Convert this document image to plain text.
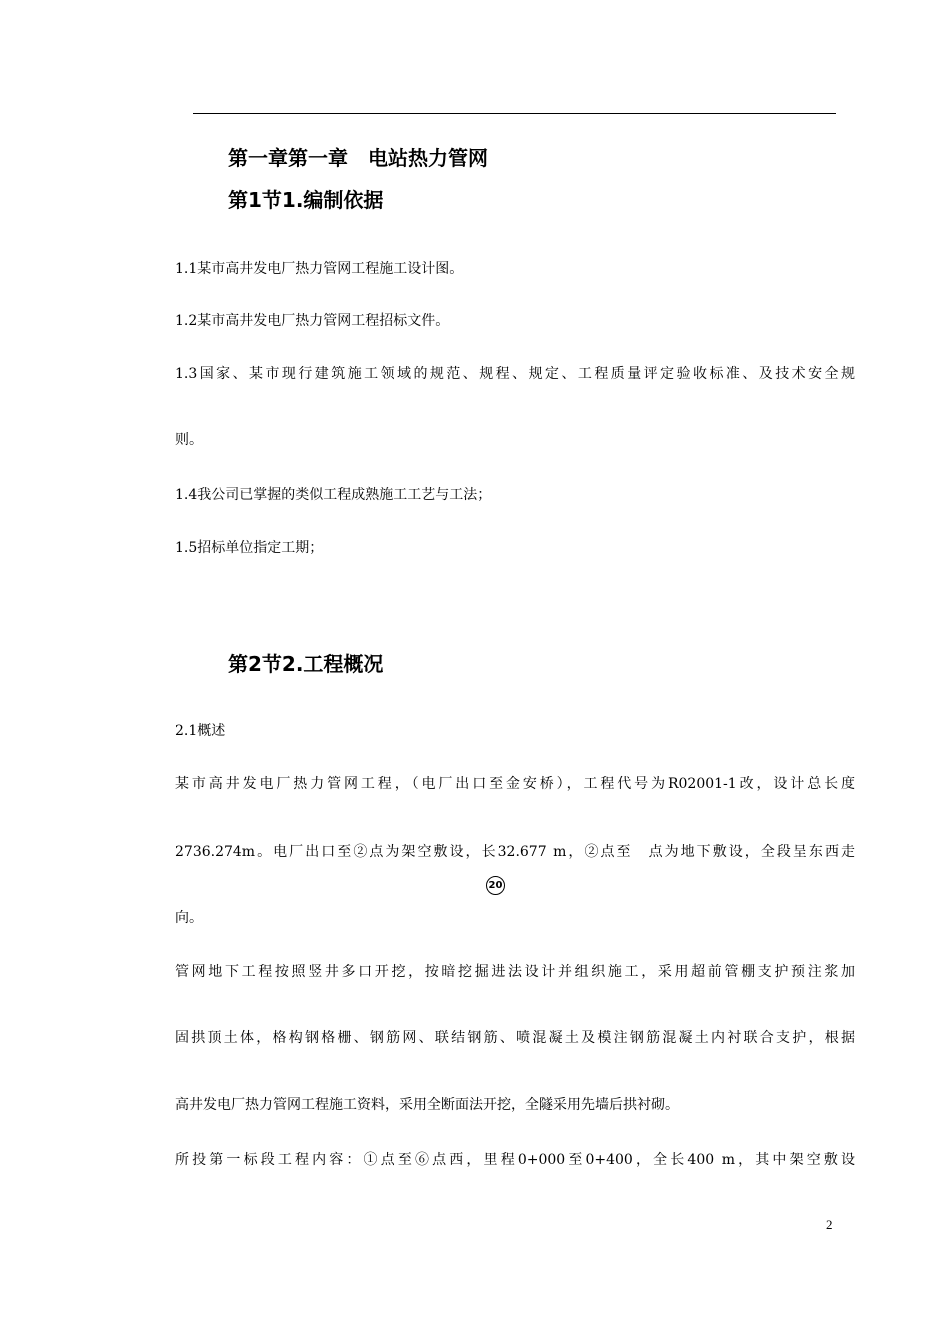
第一章第一章　电站热力管网
第1节1.编制依据
1.1某市高井发电厂热力管网工程施工设计图。
1.2某市高井发电厂热力管网工程招标文件。
1.3国家、某市现行建筑施工领域的规范、规程、规定、工程质量评定验收标准、及技术安全规
则。
1.4我公司已掌握的类似工程成熟施工工艺与工法；
1.5招标单位指定工期；
第2节2.工程概况
2.1概述
某市高井发电厂热力管网工程，（电厂出口至金安桥），工程代号为R02001-1改，设计总长度
2736.274m。电厂出口至②点为架空敷设，长32.677 m，②点至　点为地下敷设，全段呈东西走
20
向。
管网地下工程按照竖井多口开挖，按暗挖掘进法设计并组织施工，采用超前管棚支护预注浆加
固拱顶土体，格构钢格栅、钢筋网、联结钢筋、喷混凝土及模注钢筋混凝土内衬联合支护，根据
高井发电厂热力管网工程施工资料，采用全断面法开挖，全隧采用先墙后拱衬砌。
所投第一标段工程内容：①点至⑥点西，里程0+000至0+400，全长400 m，其中架空敷设
2
